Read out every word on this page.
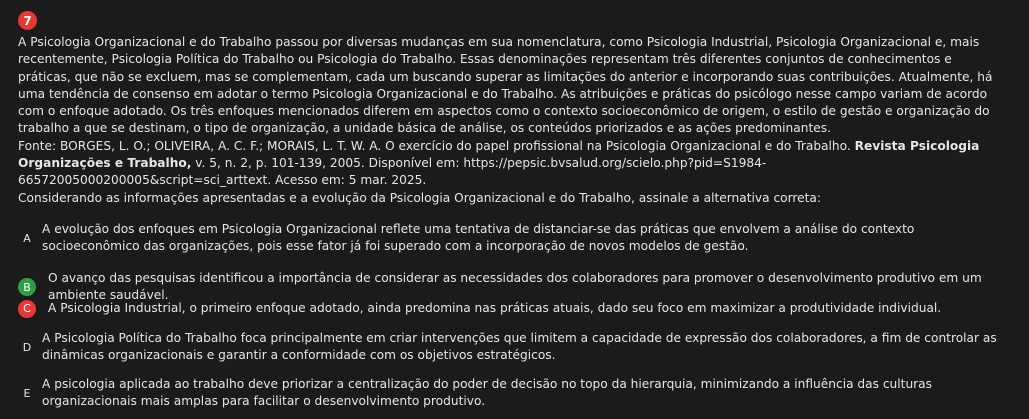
7

A Psicologia Organizacional e do Trabalho passou por diversas mudanças em sua nomenclatura, como Psicologia Industrial, Psicologia Organizacional e, mais recentemente, Psicologia Política do Trabalho ou Psicologia do Trabalho. Essas denominações representam três diferentes conjuntos de conhecimentos e práticas, que não se excluem, mas se complementam, cada um buscando superar as limitações do anterior e incorporando suas contribuições. Atualmente, há uma tendência de consenso em adotar o termo Psicologia Organizacional e do Trabalho. As atribuições e práticas do psicólogo nesse campo variam de acordo com o enfoque adotado. Os três enfoques mencionados diferem em aspectos como o contexto socioeconômico de origem, o estilo de gestão e organização do trabalho a que se destinam, o tipo de organização, a unidade básica de análise, os conteúdos priorizados e as ações predominantes.

Fonte: BORGES, L. O.; OLIVEIRA, A. C. F.; MORAIS, L. T. W. A. O exercício do papel profissional na Psicologia Organizacional e do Trabalho. Revista Psicologia Organizações e Trabalho, v. 5, n. 2, p. 101-139, 2005. Disponível em: https://pepsic.bvsalud.org/scielo.php?pid=S1984-66572005000200005&script=sci_arttext. Acesso em: 5 mar. 2025.

Considerando as informações apresentadas e a evolução da Psicologia Organizacional e do Trabalho, assinale a alternativa correta:

A
A evolução dos enfoques em Psicologia Organizacional reflete uma tentativa de distanciar-se das práticas que envolvem a análise do contexto socioeconômico das organizações, pois esse fator já foi superado com a incorporação de novos modelos de gestão.
B
O avanço das pesquisas identificou a importância de considerar as necessidades dos colaboradores para promover o desenvolvimento produtivo em um ambiente saudável.
C	A Psicologia Industrial, o primeiro enfoque adotado, ainda predomina nas práticas atuais, dado seu foco em maximizar a produtividade individual.
D
A Psicologia Política do Trabalho foca principalmente em criar intervenções que limitem a capacidade de expressão dos colaboradores, a fim de controlar as dinâmicas organizacionais e garantir a conformidade com os objetivos estratégicos.
E
A psicologia aplicada ao trabalho deve priorizar a centralização do poder de decisão no topo da hierarquia, minimizando a influência das culturas organizacionais mais amplas para facilitar o desenvolvimento produtivo.
